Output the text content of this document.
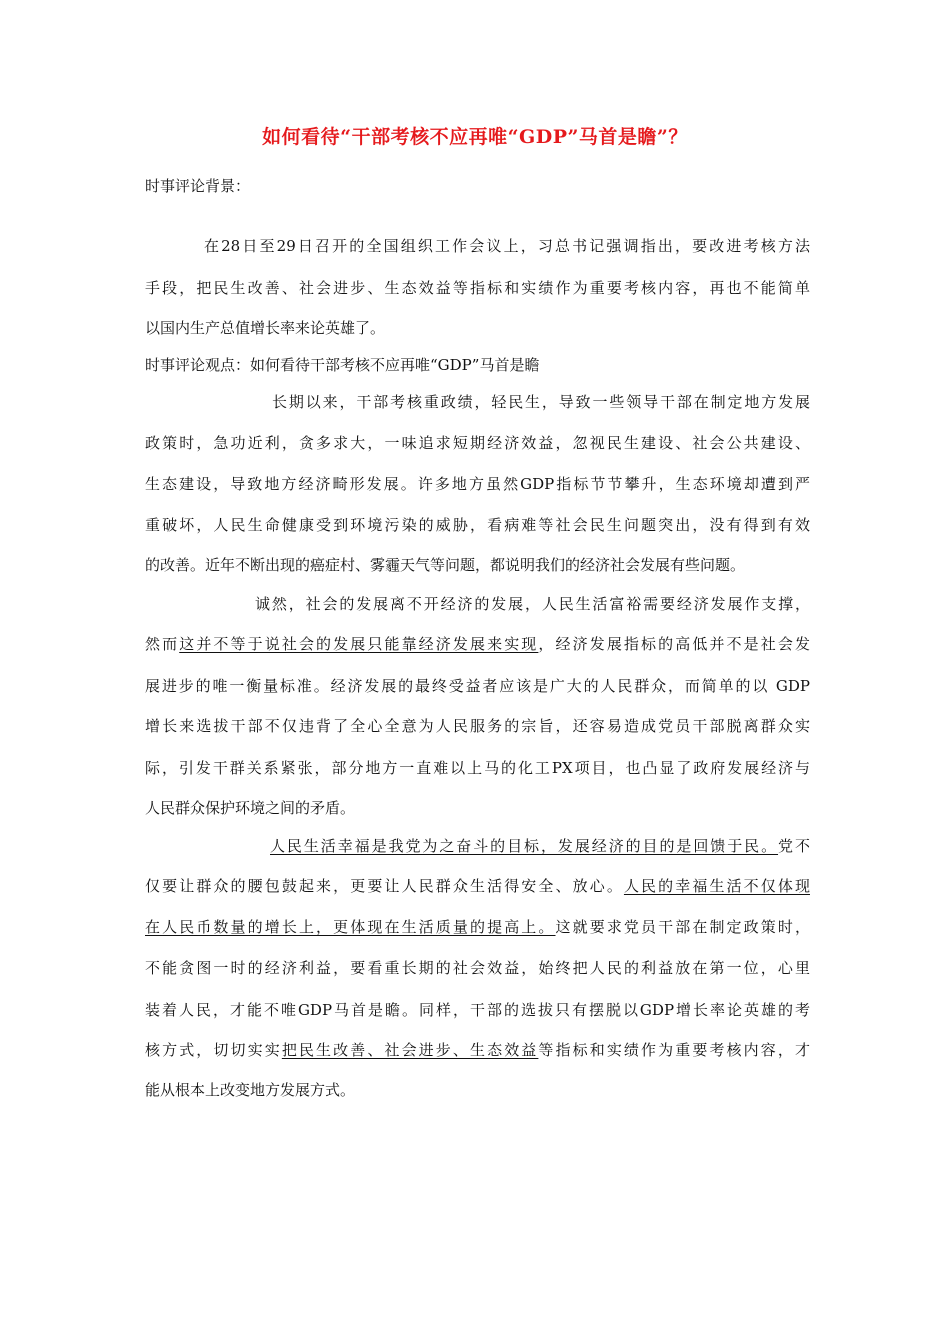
如何看待“干部考核不应再唯“GDP”马首是瞻”？
时事评论背景：
在28日至29日召开的全国组织工作会议上，习总书记强调指出，要改进考核方法
手段，把民生改善、社会进步、生态效益等指标和实绩作为重要考核内容，再也不能简单
以国内生产总值增长率来论英雄了。
时事评论观点：如何看待干部考核不应再唯“GDP”马首是瞻
长期以来，干部考核重政绩，轻民生，导致一些领导干部在制定地方发展
政策时，急功近利，贪多求大，一味追求短期经济效益，忽视民生建设、社会公共建设、
生态建设，导致地方经济畸形发展。许多地方虽然GDP指标节节攀升，生态环境却遭到严
重破坏，人民生命健康受到环境污染的威胁，看病难等社会民生问题突出，没有得到有效
的改善。近年不断出现的癌症村、雾霾天气等问题，都说明我们的经济社会发展有些问题。
诚然，社会的发展离不开经济的发展，人民生活富裕需要经济发展作支撑，
然而这并不等于说社会的发展只能靠经济发展来实现，经济发展指标的高低并不是社会发
展进步的唯一衡量标准。经济发展的最终受益者应该是广大的人民群众，而简单的以 GDP
增长来选拔干部不仅违背了全心全意为人民服务的宗旨，还容易造成党员干部脱离群众实
际，引发干群关系紧张，部分地方一直难以上马的化工PX项目，也凸显了政府发展经济与
人民群众保护环境之间的矛盾。
人民生活幸福是我党为之奋斗的目标，发展经济的目的是回馈于民。党不
仅要让群众的腰包鼓起来，更要让人民群众生活得安全、放心。人民的幸福生活不仅体现
在人民币数量的增长上，更体现在生活质量的提高上。这就要求党员干部在制定政策时，
不能贪图一时的经济利益，要看重长期的社会效益，始终把人民的利益放在第一位，心里
装着人民，才能不唯GDP马首是瞻。同样，干部的选拔只有摆脱以GDP增长率论英雄的考
核方式，切切实实把民生改善、社会进步、生态效益等指标和实绩作为重要考核内容，才
能从根本上改变地方发展方式。
